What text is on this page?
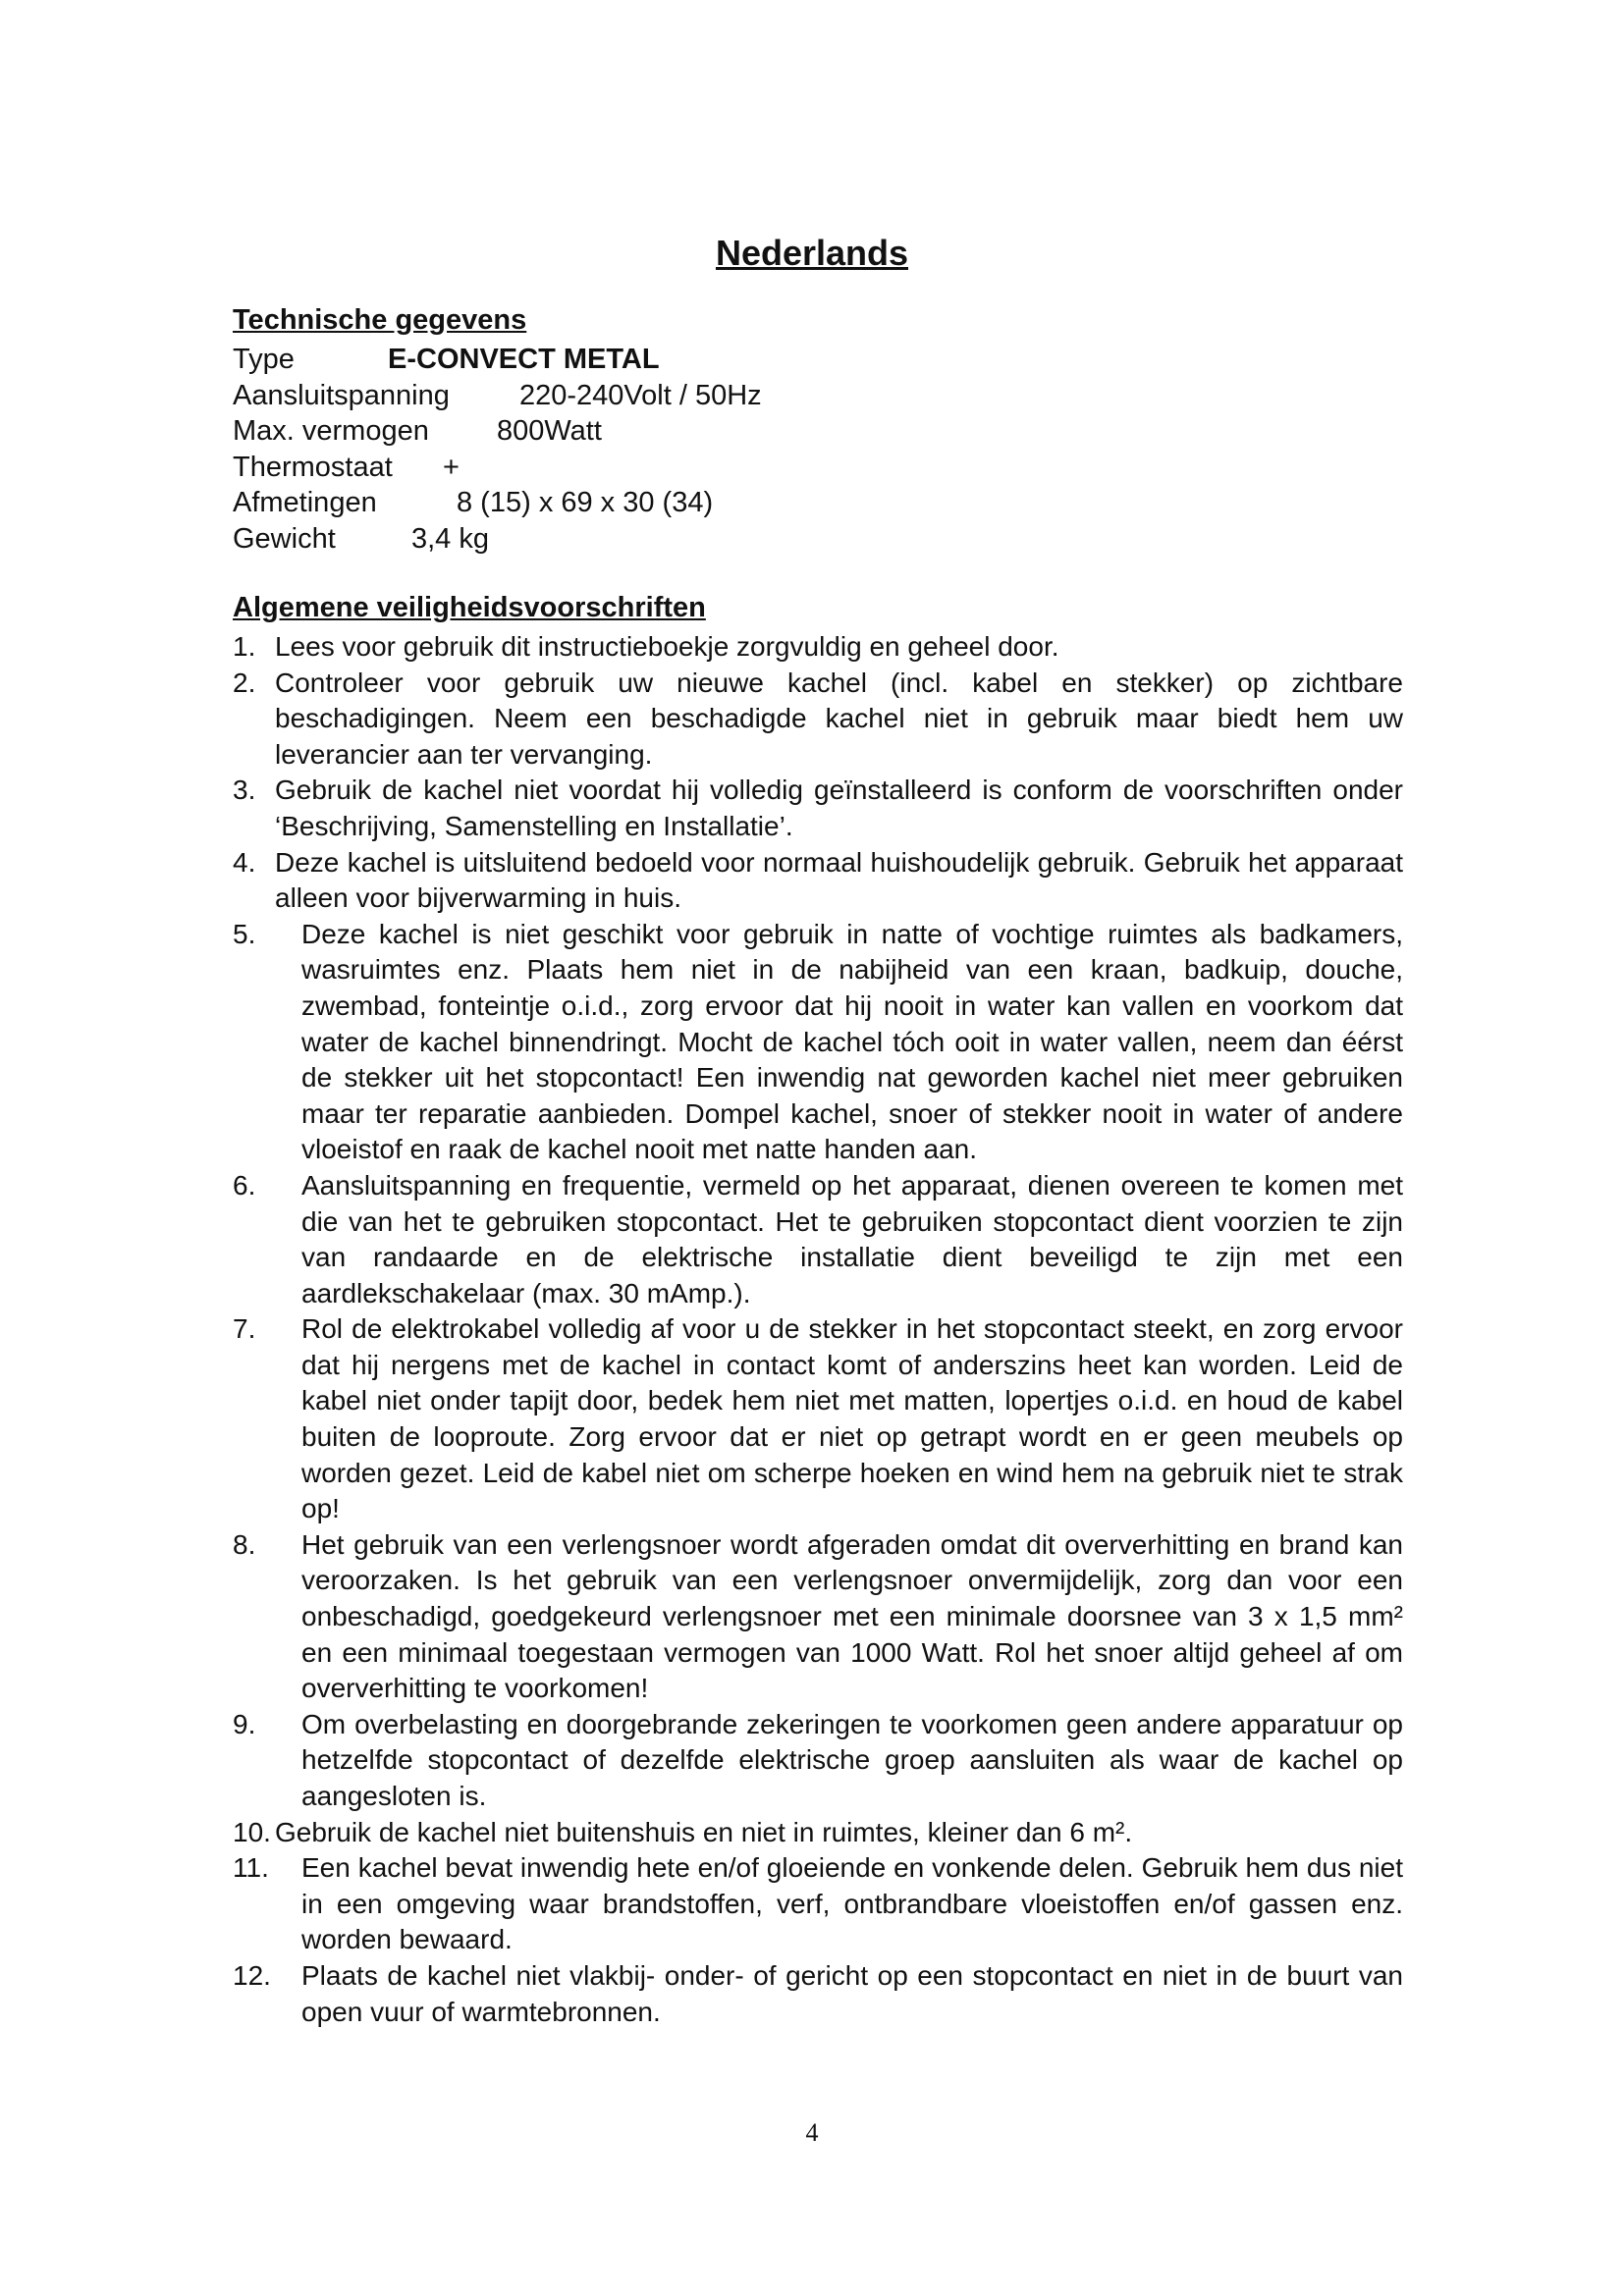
Nederlands
Technische gegevens
Type	E-CONVECT METAL
Aansluitspanning 220-240Volt / 50Hz
Max. vermogen 800Watt
Thermostaat +
Afmetingen	8 (15) x 69 x 30 (34)
Gewicht	3,4 kg
Algemene veiligheidsvoorschriften
1. Lees voor gebruik dit instructieboekje zorgvuldig en geheel door.
2. Controleer voor gebruik uw nieuwe kachel (incl. kabel en stekker) op zichtbare beschadigingen. Neem een beschadigde kachel niet in gebruik maar biedt hem uw leverancier aan ter vervanging.
3. Gebruik de kachel niet voordat hij volledig geïnstalleerd is conform de voorschriften onder ‘Beschrijving, Samenstelling en Installatie’.
4. Deze kachel is uitsluitend bedoeld voor normaal huishoudelijk gebruik. Gebruik het apparaat alleen voor bijverwarming in huis.
5. Deze kachel is niet geschikt voor gebruik in natte of vochtige ruimtes als badkamers, wasruimtes enz. Plaats hem niet in de nabijheid van een kraan, badkuip, douche, zwembad, fonteintje o.i.d., zorg ervoor dat hij nooit in water kan vallen en voorkom dat water de kachel binnendringt. Mocht de kachel tóch ooit in water vallen, neem dan éérst de stekker uit het stopcontact! Een inwendig nat geworden kachel niet meer gebruiken maar ter reparatie aanbieden. Dompel kachel, snoer of stekker nooit in water of andere vloeistof en raak de kachel nooit met natte handen aan.
6. Aansluitspanning en frequentie, vermeld op het apparaat, dienen overeen te komen met die van het te gebruiken stopcontact. Het te gebruiken stopcontact dient voorzien te zijn van randaarde en de elektrische installatie dient beveiligd te zijn met een aardlekschakelaar (max. 30 mAmp.).
7. Rol de elektrokabel volledig af voor u de stekker in het stopcontact steekt, en zorg ervoor dat hij nergens met de kachel in contact komt of anderszins heet kan worden. Leid de kabel niet onder tapijt door, bedek hem niet met matten, lopertjes o.i.d. en houd de kabel buiten de looproute. Zorg ervoor dat er niet op getrapt wordt en er geen meubels op worden gezet. Leid de kabel niet om scherpe hoeken en wind hem na gebruik niet te strak op!
8. Het gebruik van een verlengsnoer wordt afgeraden omdat dit oververhitting en brand kan veroorzaken. Is het gebruik van een verlengsnoer onvermijdelijk, zorg dan voor een onbeschadigd, goedgekeurd verlengsnoer met een minimale doorsnee van 3 x 1,5 mm² en een minimaal toegestaan vermogen van 1000 Watt. Rol het snoer altijd geheel af om oververhitting te voorkomen!
9. Om overbelasting en doorgebrande zekeringen te voorkomen geen andere apparatuur op hetzelfde stopcontact of dezelfde elektrische groep aansluiten als waar de kachel op aangesloten is.
10. Gebruik de kachel niet buitenshuis en niet in ruimtes, kleiner dan 6 m².
11. Een kachel bevat inwendig hete en/of gloeiende en vonkende delen. Gebruik hem dus niet in een omgeving waar brandstoffen, verf, ontbrandbare vloeistoffen en/of gassen enz. worden bewaard.
12. Plaats de kachel niet vlakbij- onder- of gericht op een stopcontact en niet in de buurt van open vuur of warmtebronnen.
4
